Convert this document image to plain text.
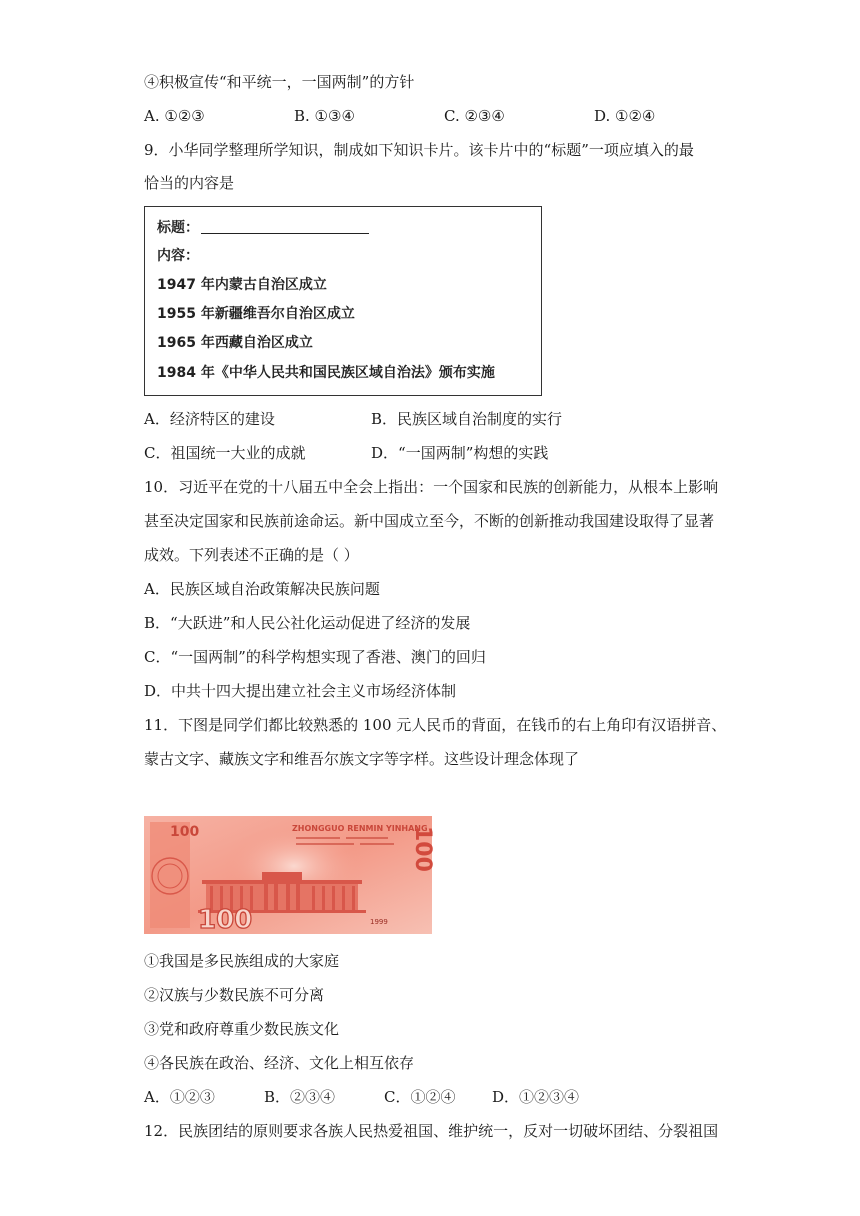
④积极宣传“和平统一，一国两制”的方针
A. ①②③	B. ①③④	C. ②③④	D. ①②④
9．小华同学整理所学知识，制成如下知识卡片。该卡片中的“标题”一项应填入的最
恰当的内容是
标题：
内容：
1947 年内蒙古自治区成立
1955 年新疆维吾尔自治区成立
1965 年西藏自治区成立
1984 年《中华人民共和国民族区域自治法》颁布实施
A．经济特区的建设	B．民族区域自治制度的实行
C．祖国统一大业的成就	D．“一国两制”构想的实践
10．习近平在党的十八届五中全会上指出：一个国家和民族的创新能力，从根本上影响
甚至决定国家和民族前途命运。新中国成立至今，不断的创新推动我国建设取得了显著
成效。下列表述不正确的是（ ）
A．民族区域自治政策解决民族问题
B．“大跃进”和人民公社化运动促进了经济的发展
C．“一国两制”的科学构想实现了香港、澳门的回归
D．中共十四大提出建立社会主义市场经济体制
11．下图是同学们都比较熟悉的 100 元人民币的背面，在钱币的右上角印有汉语拼音、
蒙古文字、藏族文字和维吾尔族文字等字样。这些设计理念体现了
100	ZHONGGUO RENMIN YINHANG
100
100	1999
①我国是多民族组成的大家庭
②汉族与少数民族不可分离
③党和政府尊重少数民族文化
④各民族在政治、经济、文化上相互依存
A．①②③	B．②③④	C．①②④ D．①②③④
12．民族团结的原则要求各族人民热爱祖国、维护统一，反对一切破坏团结、分裂祖国
